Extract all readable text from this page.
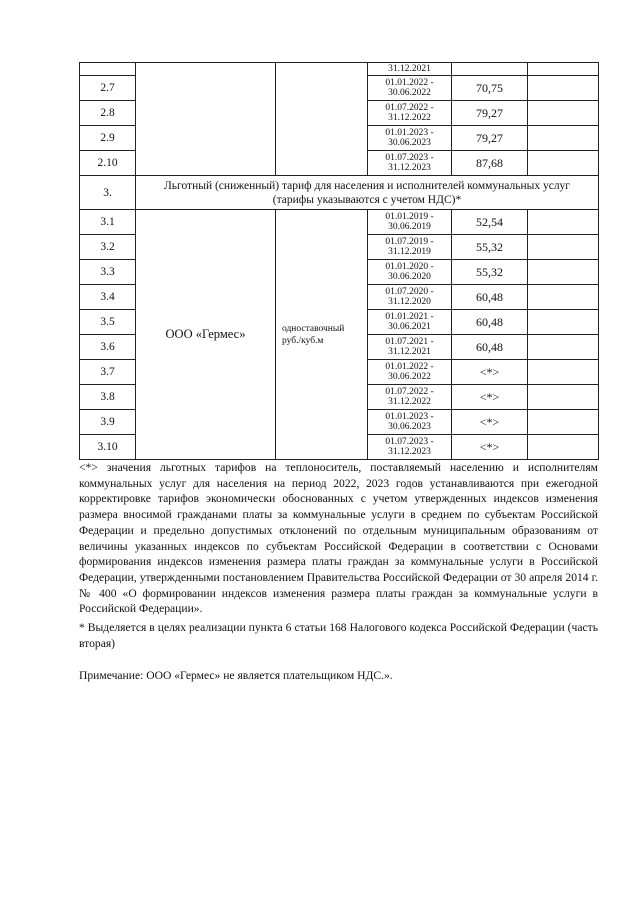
			31.12.2021		
2.7			01.01.2022 -
30.06.2022	70,75	
2.8			01.07.2022 -
31.12.2022	79,27	
2.9			01.01.2023 -
30.06.2023	79,27	
2.10			01.07.2023 -
31.12.2023	87,68	
3.	Льготный (сниженный) тариф для населения и исполнителей коммунальных услуг (тарифы указываются с учетом НДС)*				
3.1	ООО «Гермес»	одноставочный
руб./куб.м	01.01.2019 -
30.06.2019	52,54	
3.2			01.07.2019 -
31.12.2019	55,32	
3.3			01.01.2020 -
30.06.2020	55,32	
3.4			01.07.2020 -
31.12.2020	60,48	
3.5			01.01.2021 -
30.06.2021	60,48	
3.6			01.07.2021 -
31.12.2021	60,48	
3.7			01.01.2022 -
30.06.2022	<*>	
3.8			01.07.2022 -
31.12.2022	<*>	
3.9			01.01.2023 -
30.06.2023	<*>	
3.10			01.07.2023 -
31.12.2023	<*>	

<*> значения льготных тарифов на теплоноситель, поставляемый населению и исполнителям коммунальных услуг для населения на период 2022, 2023 годов устанавливаются при ежегодной корректировке тарифов экономически обоснованных с учетом утвержденных индексов изменения размера вносимой гражданами платы за коммунальные услуги в среднем по субъектам Российской Федерации и предельно допустимых отклонений по отдельным муниципальным образованиям от величины указанных индексов по субъектам Российской Федерации в соответствии с Основами формирования индексов изменения размера платы граждан за коммунальные услуги в Российской Федерации, утвержденными постановлением Правительства Российской Федерации от 30 апреля 2014 г. № 400 «О формировании индексов изменения размера платы граждан за коммунальные услуги в Российской Федерации».

* Выделяется в целях реализации пункта 6 статьи 168 Налогового кодекса Российской Федерации (часть вторая)

Примечание: ООО «Гермес» не является плательщиком НДС.».
